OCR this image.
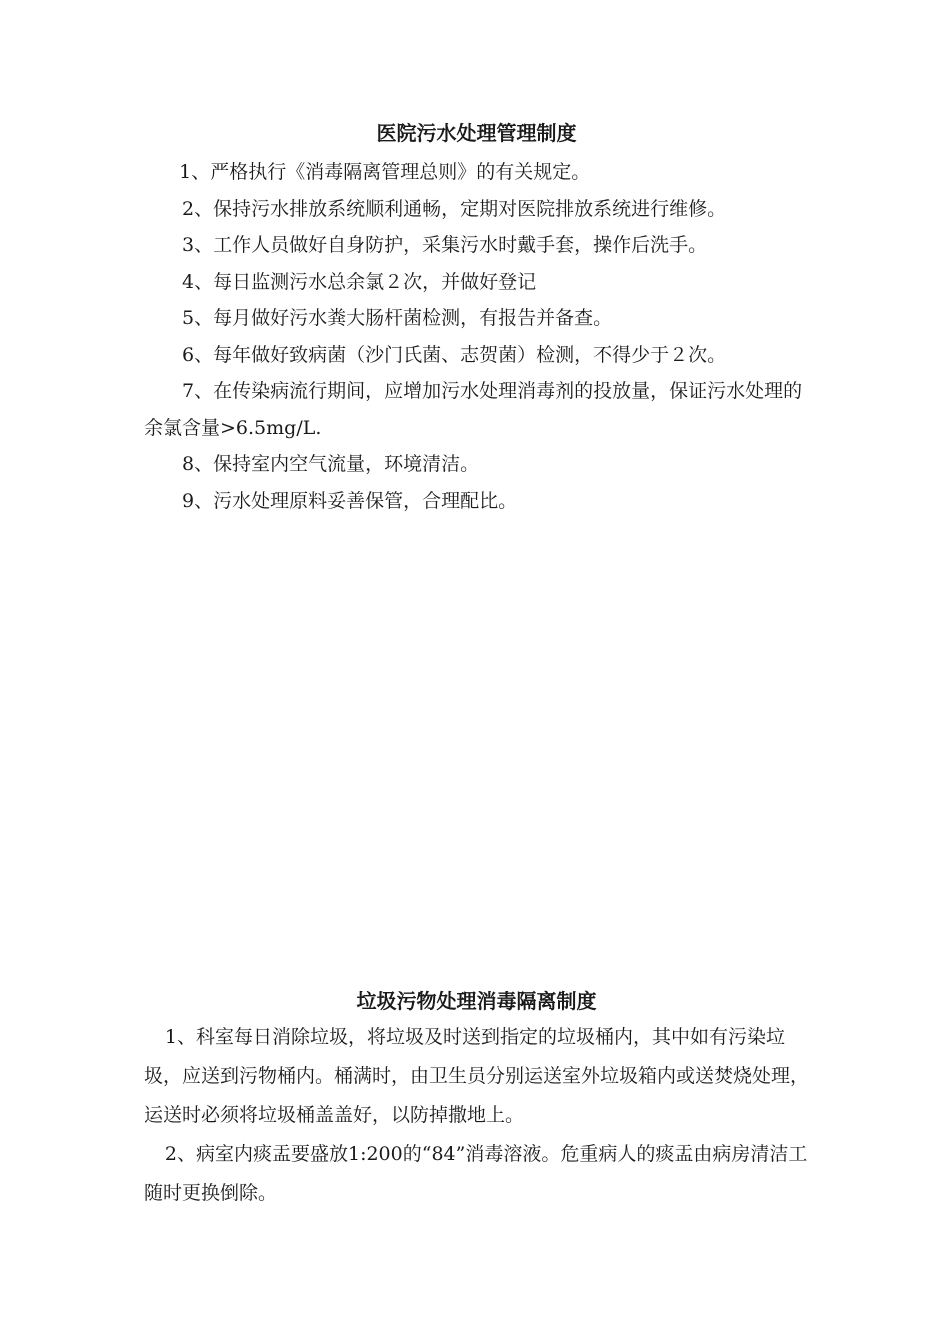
医院污水处理管理制度

1、严格执行《消毒隔离管理总则》的有关规定。

2、保持污水排放系统顺利通畅，定期对医院排放系统进行维修。

3、工作人员做好自身防护，采集污水时戴手套，操作后洗手。

4、每日监测污水总余氯２次，并做好登记

5、每月做好污水粪大肠杆菌检测，有报告并备查。

6、每年做好致病菌（沙门氏菌、志贺菌）检测，不得少于２次。

7、在传染病流行期间，应增加污水处理消毒剂的投放量，保证污水处理的余氯含量>6.5mg/L.

8、保持室内空气流量，环境清洁。

9、污水处理原料妥善保管，合理配比。

垃圾污物处理消毒隔离制度

1、科室每日消除垃圾，将垃圾及时送到指定的垃圾桶内，其中如有污染垃圾，应送到污物桶内。桶满时，由卫生员分别运送室外垃圾箱内或送焚烧处理，运送时必须将垃圾桶盖盖好，以防掉撒地上。

2、病室内痰盂要盛放1:200的“84”消毒溶液。危重病人的痰盂由病房清洁工随时更换倒除。
